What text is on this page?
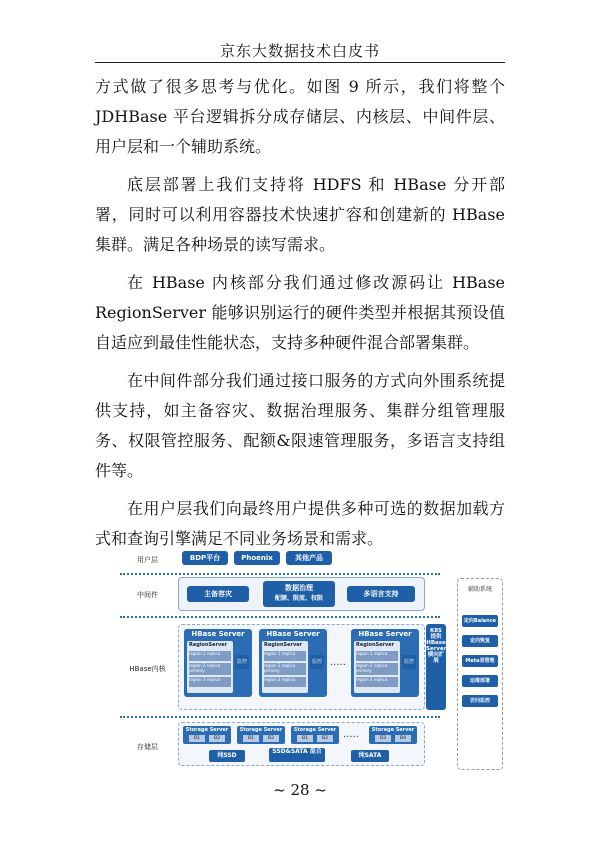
京东大数据技术白皮书

方式做了很多思考与优化。如图 9 所示，我们将整个 JDHBase 平台逻辑拆分成存储层、内核层、中间件层、用户层和一个辅助系统。

底层部署上我们支持将 HDFS 和 HBase 分开部署，同时可以利用容器技术快速扩容和创建新的 HBase 集群。满足各种场景的读写需求。

在 HBase 内核部分我们通过修改源码让 HBase RegionServer 能够识别运行的硬件类型并根据其预设值自适应到最佳性能状态，支持多种硬件混合部署集群。

在中间件部分我们通过接口服务的方式向外围系统提供支持，如主备容灾、数据治理服务、集群分组管理服务、权限管控服务、配额&限速管理服务，多语言支持组件等。

在用户层我们向最终用户提供多种可选的数据加载方式和查询引擎满足不同业务场景和需求。

用户层	BDP平台	Phoenix	其他产品
中间件	主备容灾
数据治理
配额、限流、权限
多语言支持
HBase内核
HBase Server
RegionServer
region 1 replica
region 2 replica primary
region 3 replica
监控
HBase Server
RegionServer
region 1 replica
region 2 replica primary
region 3 replica
监控 .....
HBase Server
RegionServer
region 1 replica
region 2 replica primary
region 3 replica
监控
K8S
提供
HBase
Server
横向扩展
存储层
Storage Server
B1	B2
Storage Server
B1	B2
Storage Server
B1	B2	.....	Storage Server
B3	B4
纯SSD
SSD&SATA 混合
纯SATA
辅助系统
定向Balance
定向恢复
Meta表管理
运维部署
访问监控
~ 28 ~
